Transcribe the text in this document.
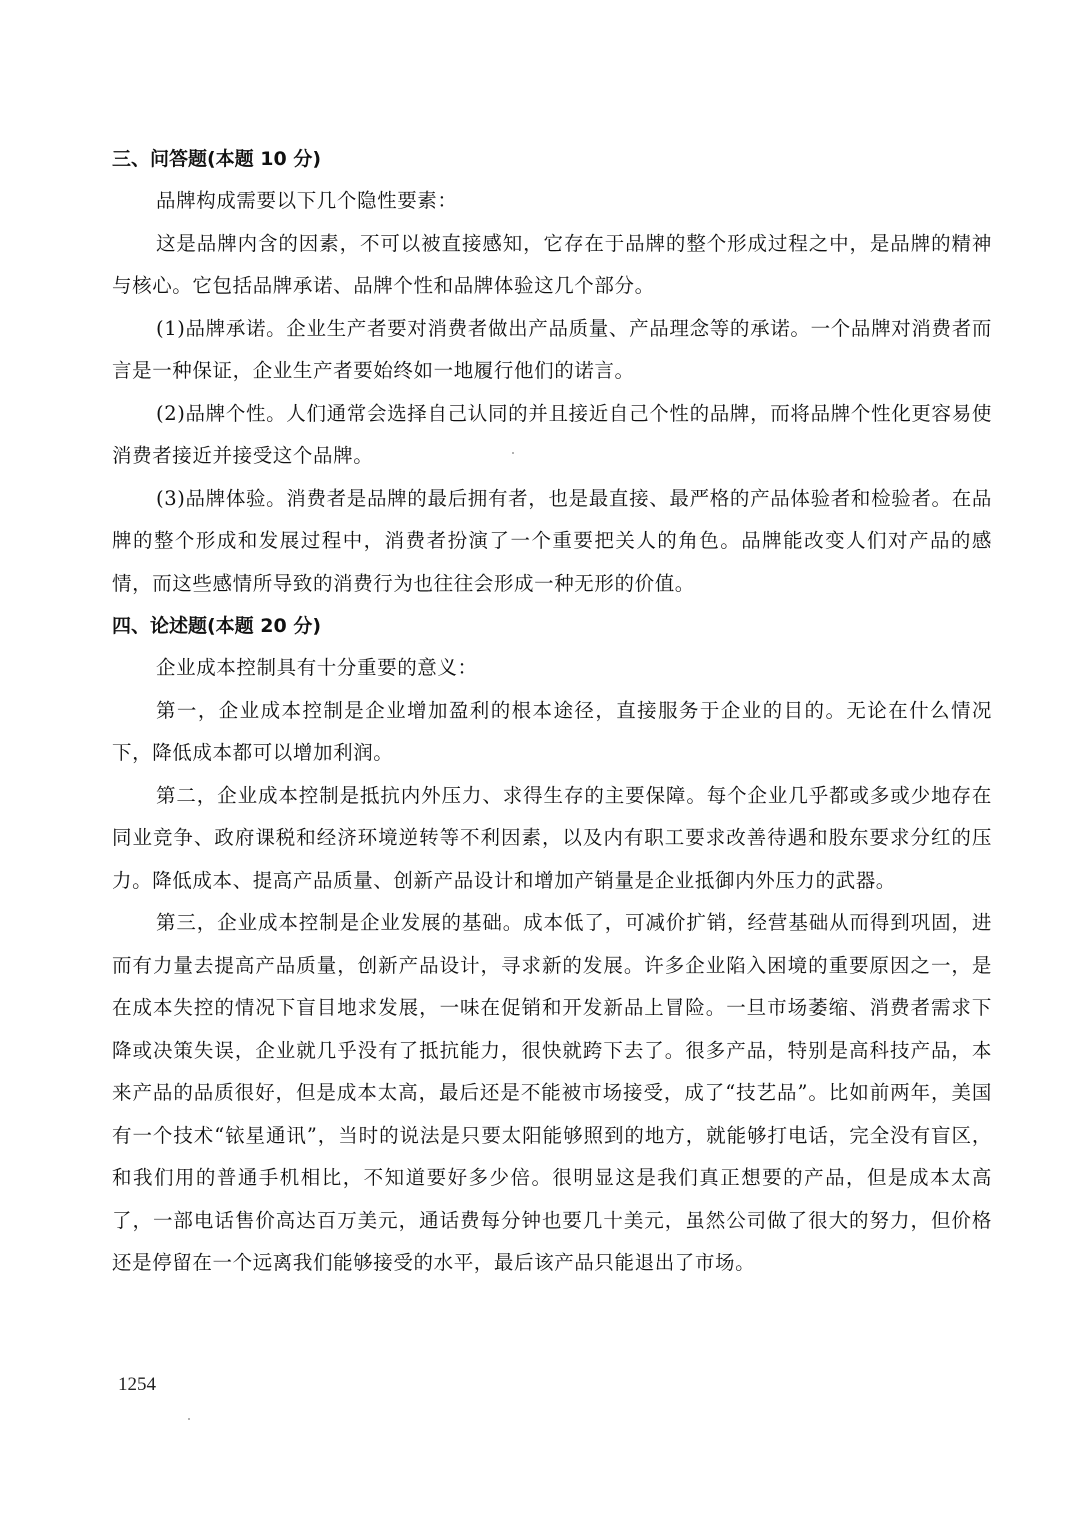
三、问答题(本题 10 分)

品牌构成需要以下几个隐性要素：

这是品牌内含的因素，不可以被直接感知，它存在于品牌的整个形成过程之中，是品牌的精神与核心。它包括品牌承诺、品牌个性和品牌体验这几个部分。

(1)品牌承诺。企业生产者要对消费者做出产品质量、产品理念等的承诺。一个品牌对消费者而言是一种保证，企业生产者要始终如一地履行他们的诺言。

(2)品牌个性。人们通常会选择自己认同的并且接近自己个性的品牌，而将品牌个性化更容易使消费者接近并接受这个品牌。

(3)品牌体验。消费者是品牌的最后拥有者，也是最直接、最严格的产品体验者和检验者。在品牌的整个形成和发展过程中，消费者扮演了一个重要把关人的角色。品牌能改变人们对产品的感情，而这些感情所导致的消费行为也往往会形成一种无形的价值。

四、论述题(本题 20 分)

企业成本控制具有十分重要的意义：

第一，企业成本控制是企业增加盈利的根本途径，直接服务于企业的目的。无论在什么情况下，降低成本都可以增加利润。

第二，企业成本控制是抵抗内外压力、求得生存的主要保障。每个企业几乎都或多或少地存在同业竞争、政府课税和经济环境逆转等不利因素，以及内有职工要求改善待遇和股东要求分红的压力。降低成本、提高产品质量、创新产品设计和增加产销量是企业抵御内外压力的武器。

第三，企业成本控制是企业发展的基础。成本低了，可减价扩销，经营基础从而得到巩固，进而有力量去提高产品质量，创新产品设计，寻求新的发展。许多企业陷入困境的重要原因之一，是在成本失控的情况下盲目地求发展，一味在促销和开发新品上冒险。一旦市场萎缩、消费者需求下降或决策失误，企业就几乎没有了抵抗能力，很快就跨下去了。很多产品，特别是高科技产品，本来产品的品质很好，但是成本太高，最后还是不能被市场接受，成了“技艺品”。比如前两年，美国有一个技术“铱星通讯”，当时的说法是只要太阳能够照到的地方，就能够打电话，完全没有盲区，和我们用的普通手机相比，不知道要好多少倍。很明显这是我们真正想要的产品，但是成本太高了，一部电话售价高达百万美元，通话费每分钟也要几十美元，虽然公司做了很大的努力，但价格还是停留在一个远离我们能够接受的水平，最后该产品只能退出了市场。

1254
